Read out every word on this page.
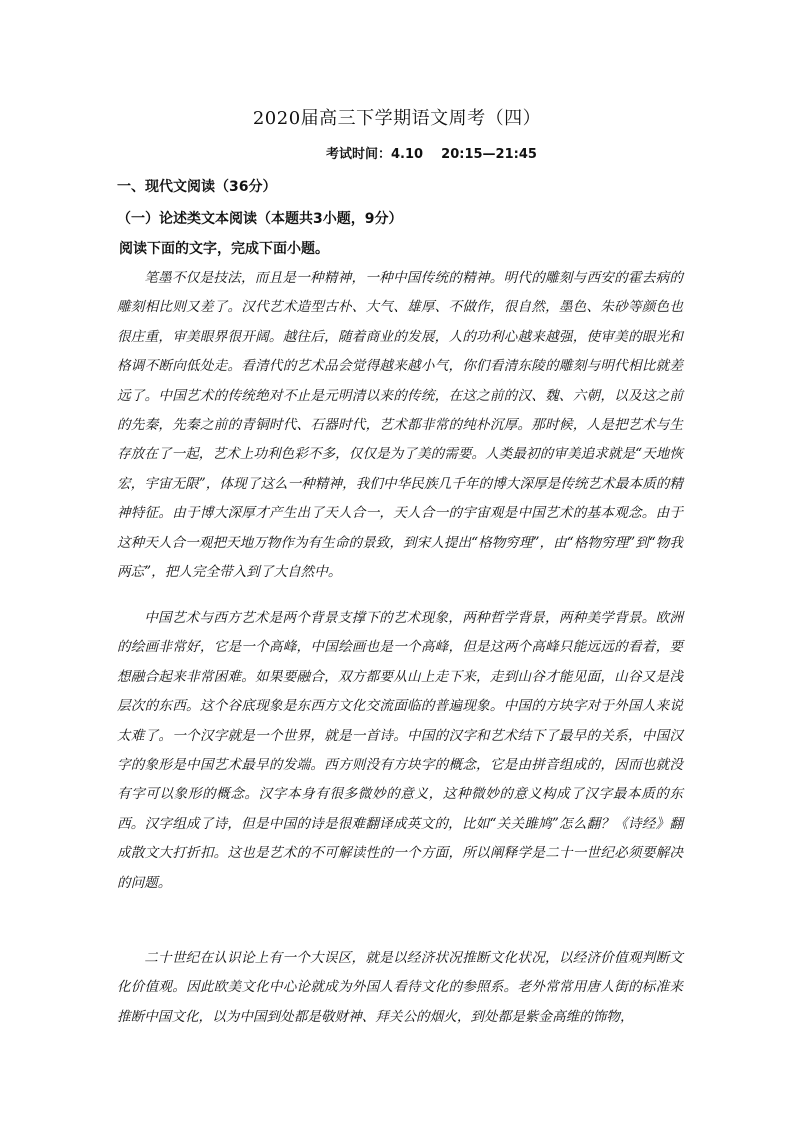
2020届高三下学期语文周考（四）
考试时间：4.10    20:15—21:45
一、现代文阅读（36分）
（一）论述类文本阅读（本题共3小题，9分）
阅读下面的文字，完成下面小题。

笔墨不仅是技法，而且是一种精神，一种中国传统的精神。明代的雕刻与西安的霍去病的雕刻相比则又差了。汉代艺术造型古朴、大气、雄厚、不做作，很自然，墨色、朱砂等颜色也很庄重，审美眼界很开阔。越往后，随着商业的发展，人的功利心越来越强，使审美的眼光和格调不断向低处走。看清代的艺术品会觉得越来越小气，你们看清东陵的雕刻与明代相比就差远了。中国艺术的传统绝对不止是元明清以来的传统，在这之前的汉、魏、六朝，以及这之前的先秦，先秦之前的青铜时代、石器时代，艺术都非常的纯朴沉厚。那时候，人是把艺术与生存放在了一起，艺术上功利色彩不多，仅仅是为了美的需要。人类最初的审美追求就是“天地恢宏，宇宙无限”，体现了这么一种精神，我们中华民族几千年的博大深厚是传统艺术最本质的精神特征。由于博大深厚才产生出了天人合一，天人合一的宇宙观是中国艺术的基本观念。由于这种天人合一观把天地万物作为有生命的景致，到宋人提出“格物穷理”，由“格物穷理”到“物我两忘”，把人完全带入到了大自然中。

中国艺术与西方艺术是两个背景支撑下的艺术现象，两种哲学背景，两种美学背景。欧洲的绘画非常好，它是一个高峰，中国绘画也是一个高峰，但是这两个高峰只能远远的看着，要想融合起来非常困难。如果要融合，双方都要从山上走下来，走到山谷才能见面，山谷又是浅层次的东西。这个谷底现象是东西方文化交流面临的普遍现象。中国的方块字对于外国人来说太难了。一个汉字就是一个世界，就是一首诗。中国的汉字和艺术结下了最早的关系，中国汉字的象形是中国艺术最早的发端。西方则没有方块字的概念，它是由拼音组成的，因而也就没有字可以象形的概念。汉字本身有很多微妙的意义，这种微妙的意义构成了汉字最本质的东西。汉字组成了诗，但是中国的诗是很难翻译成英文的，比如“关关雎鸠”怎么翻？《诗经》翻成散文大打折扣。这也是艺术的不可解读性的一个方面，所以阐释学是二十一世纪必须要解决的问题。

二十世纪在认识论上有一个大误区，就是以经济状况推断文化状况，以经济价值观判断文化价值观。因此欧美文化中心论就成为外国人看待文化的参照系。老外常常用唐人街的标准来推断中国文化，以为中国到处都是敬财神、拜关公的烟火，到处都是紫金高维的饰物，
